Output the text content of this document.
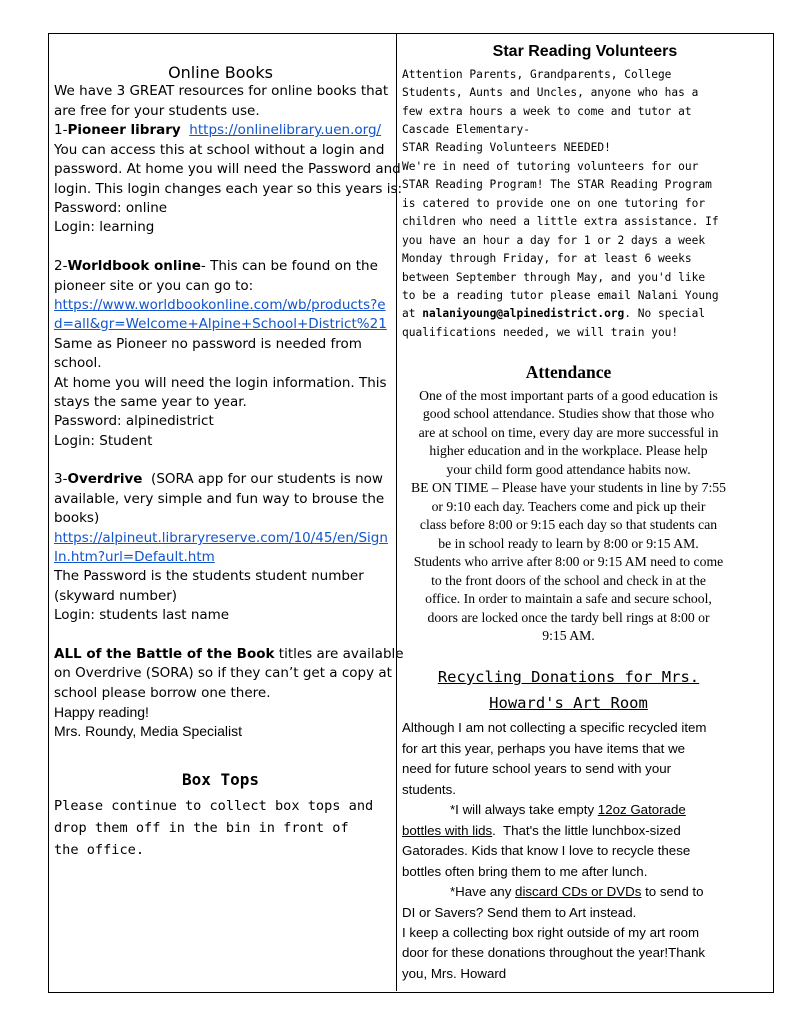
Online Books
We have 3 GREAT resources for online books that
are free for your students use.
1-Pioneer library https://onlinelibrary.uen.org/
You can access this at school without a login and
password. At home you will need the Password and
login. This login changes each year so this years is:
Password: online
Login: learning
2-Worldbook online- This can be found on the
pioneer site or you can go to:
https://www.worldbookonline.com/wb/products?e
d=all&gr=Welcome+Alpine+School+District%21
Same as Pioneer no password is needed from
school.
At home you will need the login information. This
stays the same year to year.
Password: alpinedistrict
Login: Student
3-Overdrive  (SORA app for our students is now
available, very simple and fun way to brouse the
books)
https://alpineut.libraryreserve.com/10/45/en/Sign
In.htm?url=Default.htm
The Password is the students student number
(skyward number)
Login: students last name
ALL of the Battle of the Book titles are available
on Overdrive (SORA) so if they can’t get a copy at
school please borrow one there.
Happy reading!
Mrs. Roundy, Media Specialist
Box Tops
Please continue to collect box tops and
drop them off in the bin in front of
the office.
Star Reading Volunteers
Attention Parents, Grandparents, College
Students, Aunts and Uncles, anyone who has a
few extra hours a week to come and tutor at
Cascade Elementary-
STAR Reading Volunteers NEEDED!
We're in need of tutoring volunteers for our
STAR Reading Program! The STAR Reading Program
is catered to provide one on one tutoring for
children who need a little extra assistance. If
you have an hour a day for 1 or 2 days a week
Monday through Friday, for at least 6 weeks
between September through May, and you'd like
to be a reading tutor please email Nalani Young
at nalaniyoung@alpinedistrict.org. No special
qualifications needed, we will train you!
Attendance
One of the most important parts of a good education is
good school attendance. Studies show that those who
are at school on time, every day are more successful in
higher education and in the workplace. Please help
your child form good attendance habits now.
BE ON TIME – Please have your students in line by 7:55
or 9:10 each day. Teachers come and pick up their
class before 8:00 or 9:15 each day so that students can
be in school ready to learn by 8:00 or 9:15 AM.
Students who arrive after 8:00 or 9:15 AM need to come
to the front doors of the school and check in at the
office. In order to maintain a safe and secure school,
doors are locked once the tardy bell rings at 8:00 or
9:15 AM.
Recycling Donations for Mrs.
Howard's Art Room
Although I am not collecting a specific recycled item
for art this year, perhaps you have items that we
need for future school years to send with your
students.
*I will always take empty 12oz Gatorade
bottles with lids.  That's the little lunchbox-sized
Gatorades. Kids that know I love to recycle these
bottles often bring them to me after lunch.
*Have any discard CDs or DVDs to send to
DI or Savers? Send them to Art instead.
I keep a collecting box right outside of my art room
door for these donations throughout the year!Thank
you, Mrs. Howard
